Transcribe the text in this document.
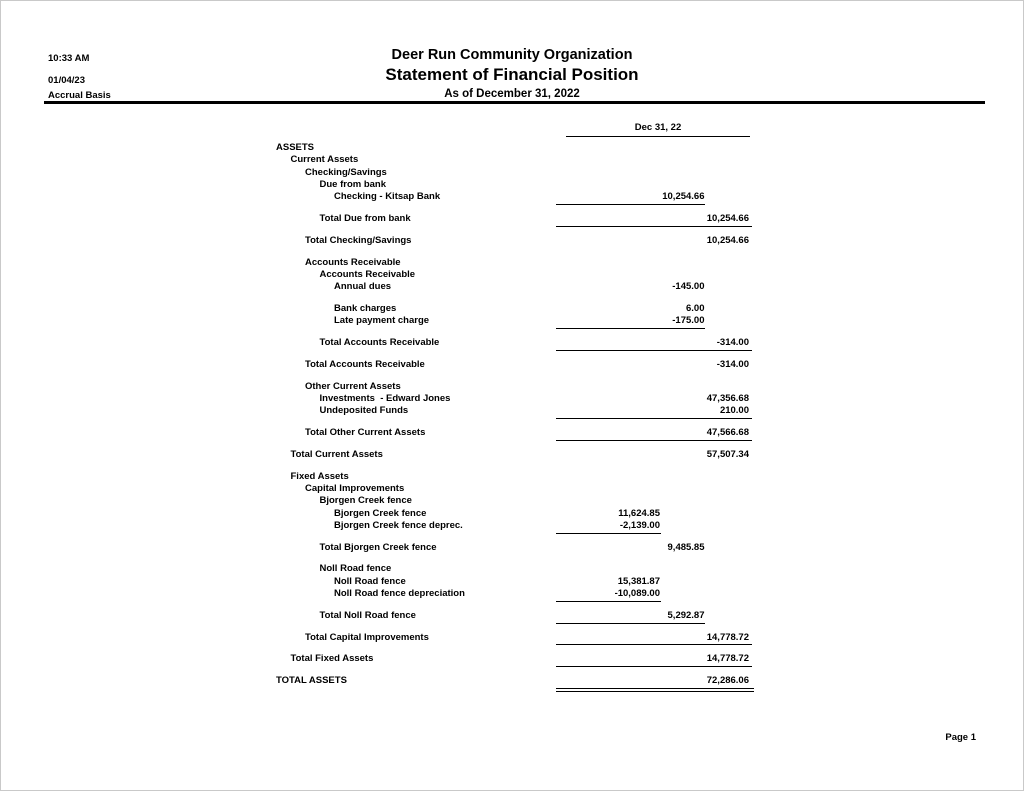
10:33 AM
01/04/23
Accrual Basis
Deer Run Community Organization
Statement of Financial Position
As of December 31, 2022
Dec 31, 22
ASSETS
Current Assets
Checking/Savings
Due from bank
Checking - Kitsap Bank	10,254.66
Total Due from bank	10,254.66
Total Checking/Savings	10,254.66
Accounts Receivable
Accounts Receivable
Annual dues	-145.00
Bank charges	6.00
Late payment charge	-175.00
Total Accounts Receivable	-314.00
Total Accounts Receivable	-314.00
Other Current Assets
Investments  - Edward Jones	47,356.68
Undeposited Funds	210.00
Total Other Current Assets	47,566.68
Total Current Assets	57,507.34
Fixed Assets
Capital Improvements
Bjorgen Creek fence
Bjorgen Creek fence	11,624.85
Bjorgen Creek fence deprec.	-2,139.00
Total Bjorgen Creek fence	9,485.85
Noll Road fence
Noll Road fence	15,381.87
Noll Road fence depreciation	-10,089.00
Total Noll Road fence	5,292.87
Total Capital Improvements	14,778.72
Total Fixed Assets	14,778.72
TOTAL ASSETS	72,286.06
Page 1
